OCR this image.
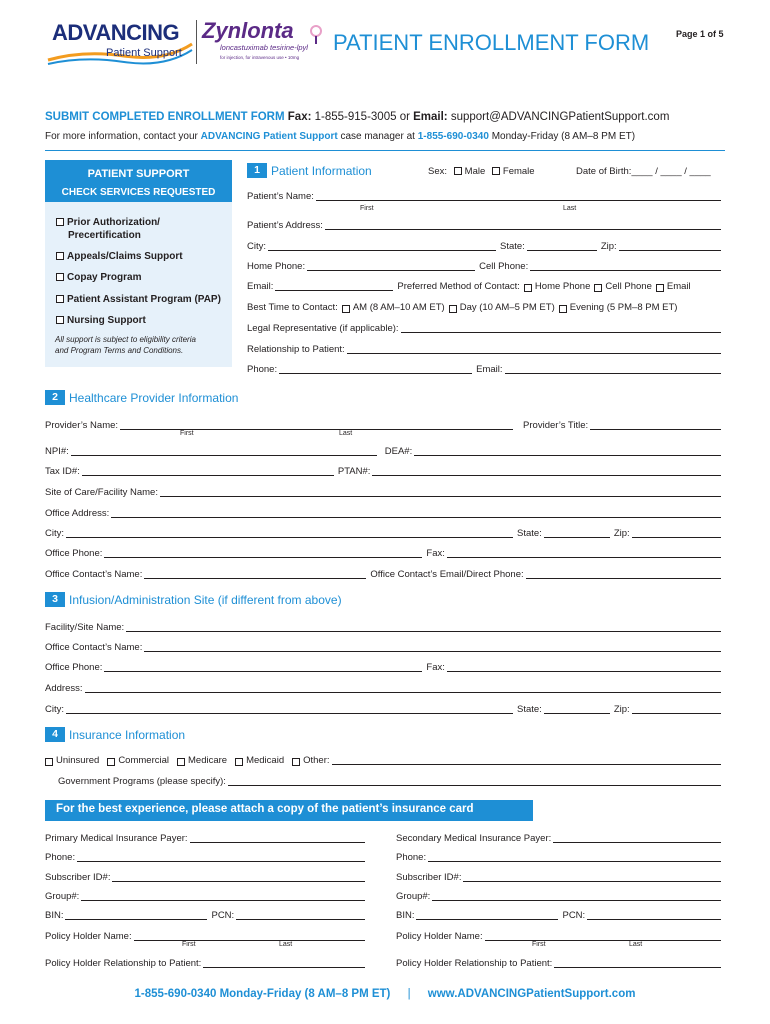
ADVANCING
Patient Support
Zynlonta
loncastuximab tesirine-lpyl
for injection, for intravenous use • 10mg
PATIENT ENROLLMENT FORM	Page 1 of 5
SUBMIT COMPLETED ENROLLMENT FORM Fax: 1-855-915-3005 or Email: support@ADVANCINGPatientSupport.com
For more information, contact your ADVANCING Patient Support case manager at 1-855-690-0340 Monday-Friday (8 AM–8 PM ET)
PATIENT SUPPORT
CHECK SERVICES REQUESTED
Prior Authorization/
Precertification
Appeals/Claims Support
Copay Program
Patient Assistant Program (PAP)
Nursing Support
All support is subject to eligibility criteria
and Program Terms and Conditions.
1 Patient Information	Sex: Male Female	Date of Birth:____ / ____ / ____
Patient’s Name:
First	Last
Patient’s Address:
City:	State:	Zip:
Home Phone:	Cell Phone:
Email:	Preferred Method of Contact: Home Phone Cell Phone Email
Best Time to Contact: AM (8 AM–10 AM ET) Day (10 AM–5 PM ET) Evening (5 PM–8 PM ET)
Legal Representative (if applicable):
Relationship to Patient:
Phone:	Email:
2 Healthcare Provider Information
Provider’s Name:	Provider’s Title:
First	Last
NPI#:	DEA#:
Tax ID#:	PTAN#:
Site of Care/Facility Name:
Office Address:
City:	State:	Zip:
Office Phone:	Fax:
Office Contact’s Name:	Office Contact’s Email/Direct Phone:
3 Infusion/Administration Site (if different from above)
Facility/Site Name:
Office Contact’s Name:
Office Phone:	Fax:
Address:
City:	State:	Zip:
4 Insurance Information
Uninsured Commercial Medicare Medicaid Other:
Government Programs (please specify):
For the best experience, please attach a copy of the patient’s insurance card
Primary Medical Insurance Payer:
Phone:
Subscriber ID#:
Group#:
BIN:	PCN:
Policy Holder Name:
First	Last
Policy Holder Relationship to Patient:
Secondary Medical Insurance Payer:
Phone:
Subscriber ID#:
Group#:
BIN:	PCN:
Policy Holder Name:
First	Last
Policy Holder Relationship to Patient:
1-855-690-0340 Monday-Friday (8 AM–8 PM ET) | www.ADVANCINGPatientSupport.com
